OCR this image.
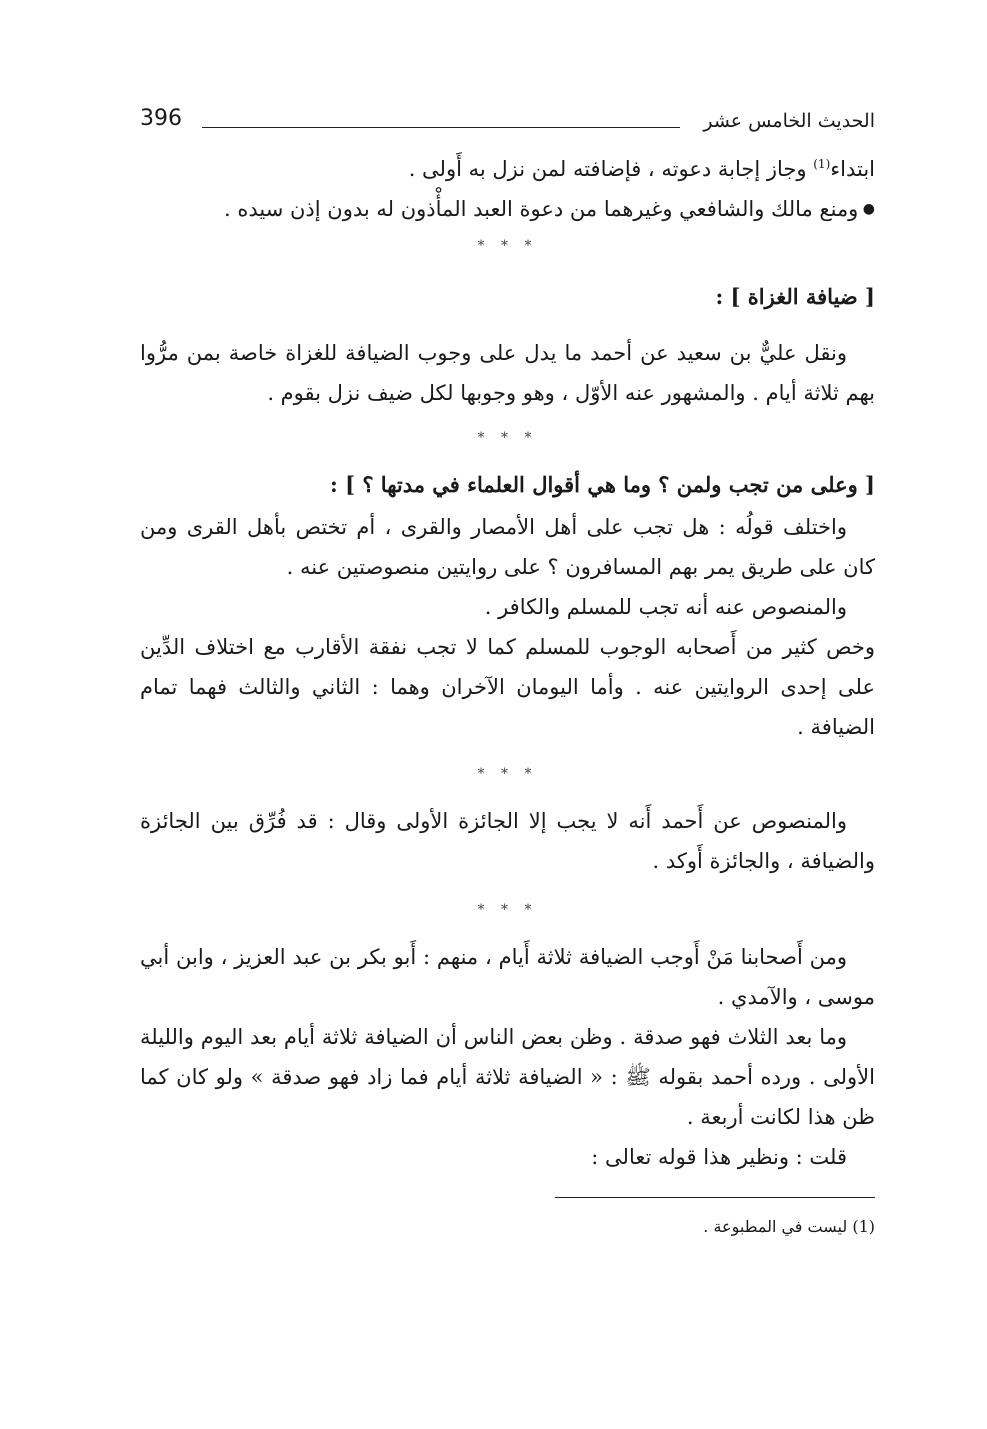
396	الحديث الخامس عشر

ابتداء$^{(1)}$ وجاز إجابة دعوته ، فإضافته لمن نزل به أَولى .

● ومنع مالك والشافعي وغيرهما من دعوة العبد المأْذون له بدون إذن سيده .

* * *

[ ضيافة الغزاة ] :

ونقل عليٌّ بن سعيد عن أحمد ما يدل على وجوب الضيافة للغزاة خاصة بمن مرُّوا بهم ثلاثة أيام . والمشهور عنه الأوّل ، وهو وجوبها لكل ضيف نزل بقوم .

* * *

[ وعلى من تجب ولمن ؟ وما هي أقوال العلماء في مدتها ؟ ] :

واختلف قولُه : هل تجب على أهل الأمصار والقرى ، أم تختص بأهل القرى ومن كان على طريق يمر بهم المسافرون ؟ على روايتين منصوصتين عنه .

والمنصوص عنه أنه تجب للمسلم والكافر .

وخص كثير من أَصحابه الوجوب للمسلم كما لا تجب نفقة الأقارب مع اختلاف الدِّين على إحدى الروايتين عنه . وأما اليومان الآخران وهما : الثاني والثالث فهما تمام الضيافة .

* * *

والمنصوص عن أَحمد أَنه لا يجب إلا الجائزة الأولى وقال : قد فُرِّق بين الجائزة والضيافة ، والجائزة أَوكد .

* * *

ومن أَصحابنا مَنْ أَوجب الضيافة ثلاثة أَيام ، منهم : أَبو بكر بن عبد العزيز ، وابن أبي موسى ، والآمدي .

وما بعد الثلاث فهو صدقة . وظن بعض الناس أن الضيافة ثلاثة أيام بعد اليوم والليلة الأولى . ورده أحمد بقوله ﷺ : « الضيافة ثلاثة أيام فما زاد فهو صدقة » ولو كان كما ظن هذا لكانت أربعة .

قلت : ونظير هذا قوله تعالى :

(1) ليست في المطبوعة .
